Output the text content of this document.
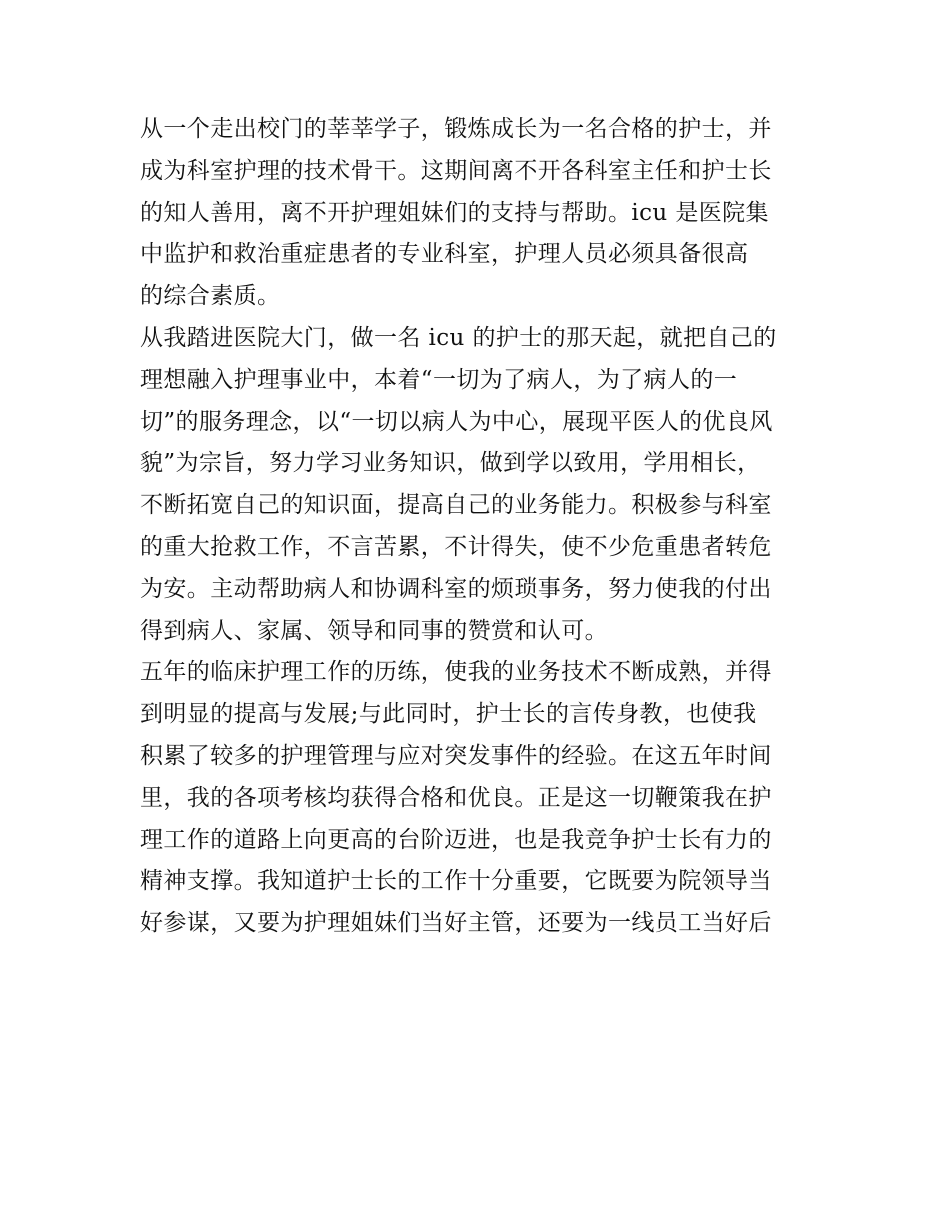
从一个走出校门的莘莘学子，锻炼成长为一名合格的护士，并
成为科室护理的技术骨干。这期间离不开各科室主任和护士长
的知人善用，离不开护理姐妹们的支持与帮助。icu 是医院集
中监护和救治重症患者的专业科室，护理人员必须具备很高
的综合素质。
从我踏进医院大门，做一名 icu 的护士的那天起，就把自己的
理想融入护理事业中，本着“一切为了病人，为了病人的一
切”的服务理念，以“一切以病人为中心，展现平医人的优良风
貌”为宗旨，努力学习业务知识，做到学以致用，学用相长，
不断拓宽自己的知识面，提高自己的业务能力。积极参与科室
的重大抢救工作，不言苦累，不计得失，使不少危重患者转危
为安。主动帮助病人和协调科室的烦琐事务，努力使我的付出
得到病人、家属、领导和同事的赞赏和认可。
五年的临床护理工作的历练，使我的业务技术不断成熟，并得
到明显的提高与发展;与此同时，护士长的言传身教，也使我
积累了较多的护理管理与应对突发事件的经验。在这五年时间
里，我的各项考核均获得合格和优良。正是这一切鞭策我在护
理工作的道路上向更高的台阶迈进，也是我竞争护士长有力的
精神支撑。我知道护士长的工作十分重要，它既要为院领导当
好参谋，又要为护理姐妹们当好主管，还要为一线员工当好后
